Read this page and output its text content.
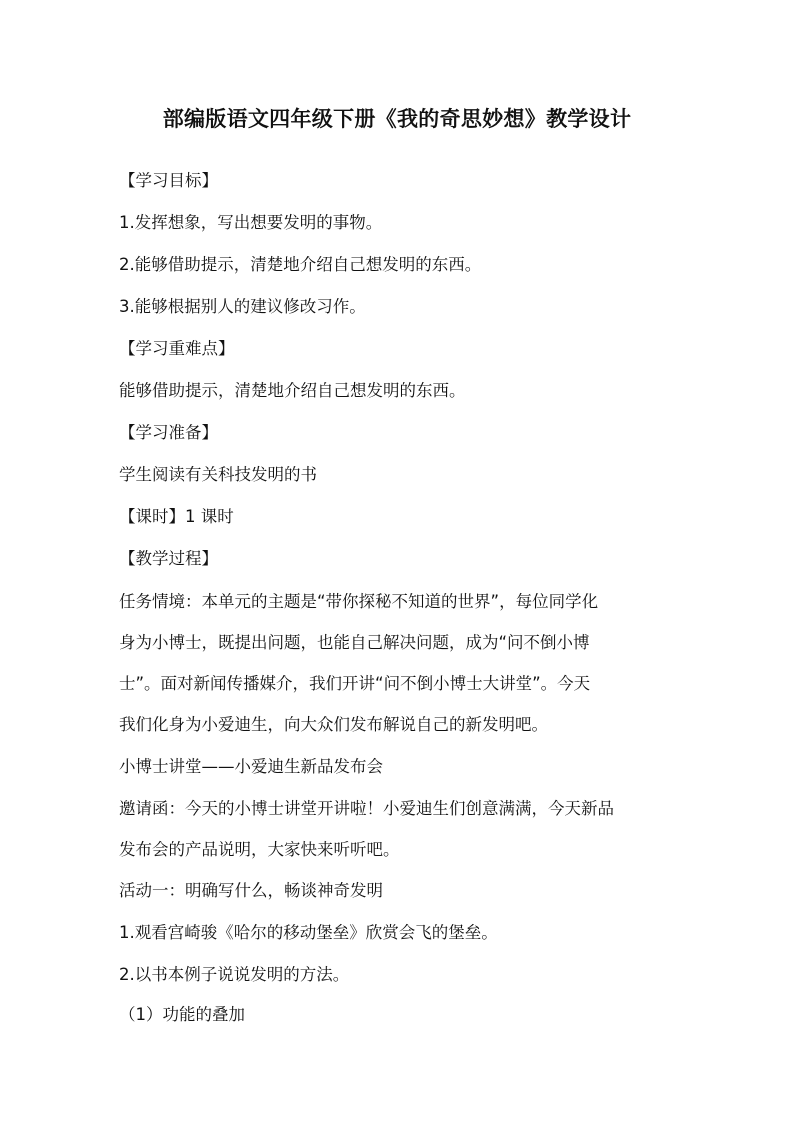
部编版语文四年级下册《我的奇思妙想》教学设计
【学习目标】
1.发挥想象，写出想要发明的事物。
2.能够借助提示，清楚地介绍自己想发明的东西。
3.能够根据别人的建议修改习作。
【学习重难点】
能够借助提示，清楚地介绍自己想发明的东西。
【学习准备】
学生阅读有关科技发明的书
【课时】1 课时
【教学过程】
任务情境：本单元的主题是“带你探秘不知道的世界”，每位同学化
身为小博士，既提出问题，也能自己解决问题，成为“问不倒小博
士”。面对新闻传播媒介，我们开讲“问不倒小博士大讲堂”。今天
我们化身为小爱迪生，向大众们发布解说自己的新发明吧。
小博士讲堂——小爱迪生新品发布会
邀请函：今天的小博士讲堂开讲啦！小爱迪生们创意满满，今天新品
发布会的产品说明，大家快来听听吧。
活动一：明确写什么，畅谈神奇发明
1.观看宫崎骏《哈尔的移动堡垒》欣赏会飞的堡垒。
2.以书本例子说说发明的方法。
（1）功能的叠加
